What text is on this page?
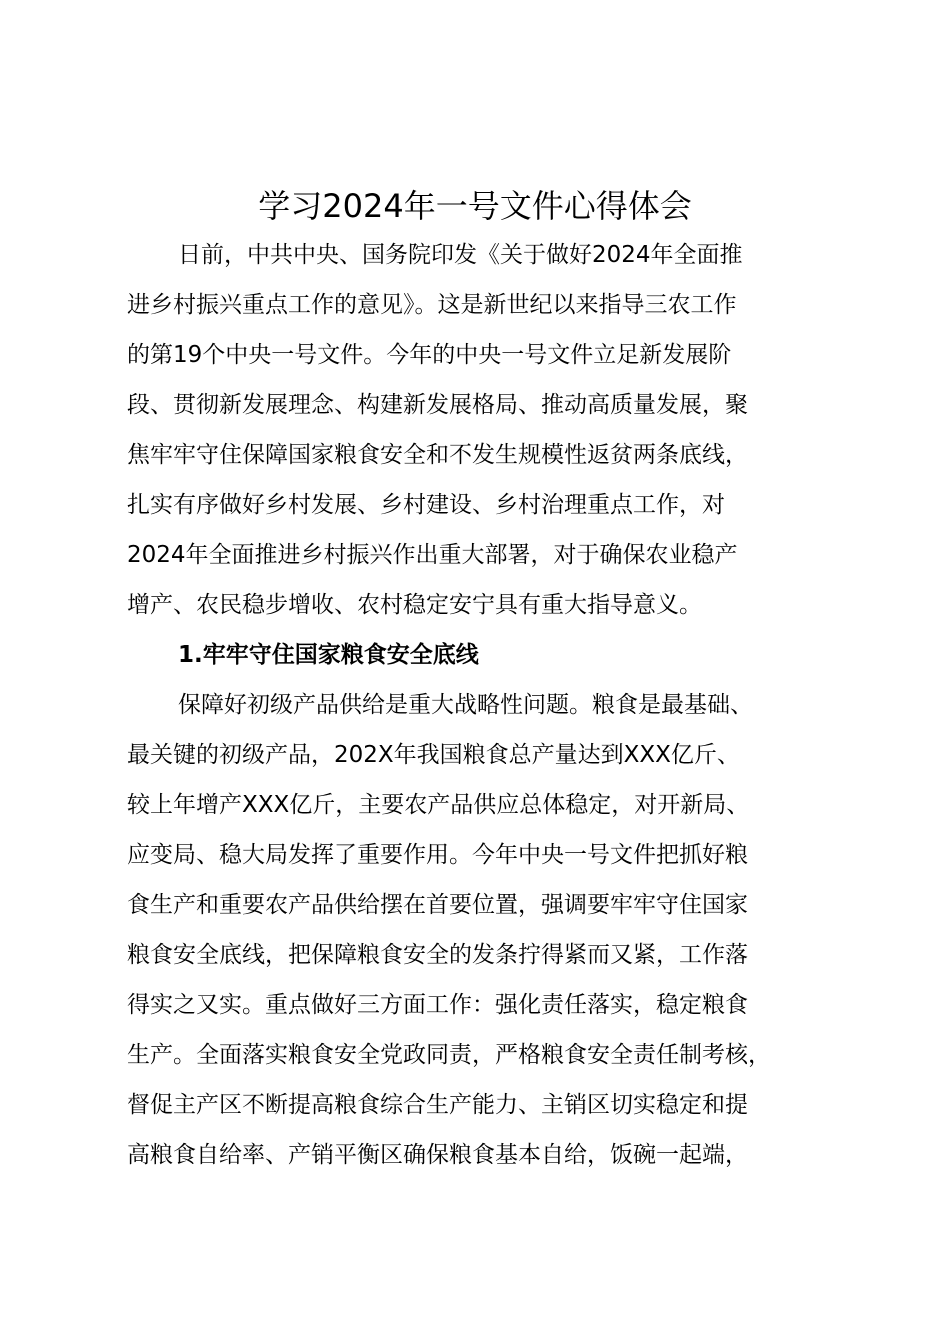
学习2024年一号文件心得体会

日前，中共中央、国务院印发《关于做好2024年全面推

进乡村振兴重点工作的意见》。这是新世纪以来指导三农工作

的第19个中央一号文件。今年的中央一号文件立足新发展阶

段、贯彻新发展理念、构建新发展格局、推动高质量发展，聚

焦牢牢守住保障国家粮食安全和不发生规模性返贫两条底线，

扎实有序做好乡村发展、乡村建设、乡村治理重点工作，对

2024年全面推进乡村振兴作出重大部署，对于确保农业稳产

增产、农民稳步增收、农村稳定安宁具有重大指导意义。

1.牢牢守住国家粮食安全底线

保障好初级产品供给是重大战略性问题。粮食是最基础、

最关键的初级产品，202X年我国粮食总产量达到XXX亿斤、

较上年增产XXX亿斤，主要农产品供应总体稳定，对开新局、

应变局、稳大局发挥了重要作用。今年中央一号文件把抓好粮

食生产和重要农产品供给摆在首要位置，强调要牢牢守住国家

粮食安全底线，把保障粮食安全的发条拧得紧而又紧，工作落

得实之又实。重点做好三方面工作：强化责任落实，稳定粮食

生产。全面落实粮食安全党政同责，严格粮食安全责任制考核，

督促主产区不断提高粮食综合生产能力、主销区切实稳定和提

高粮食自给率、产销平衡区确保粮食基本自给，饭碗一起端，
